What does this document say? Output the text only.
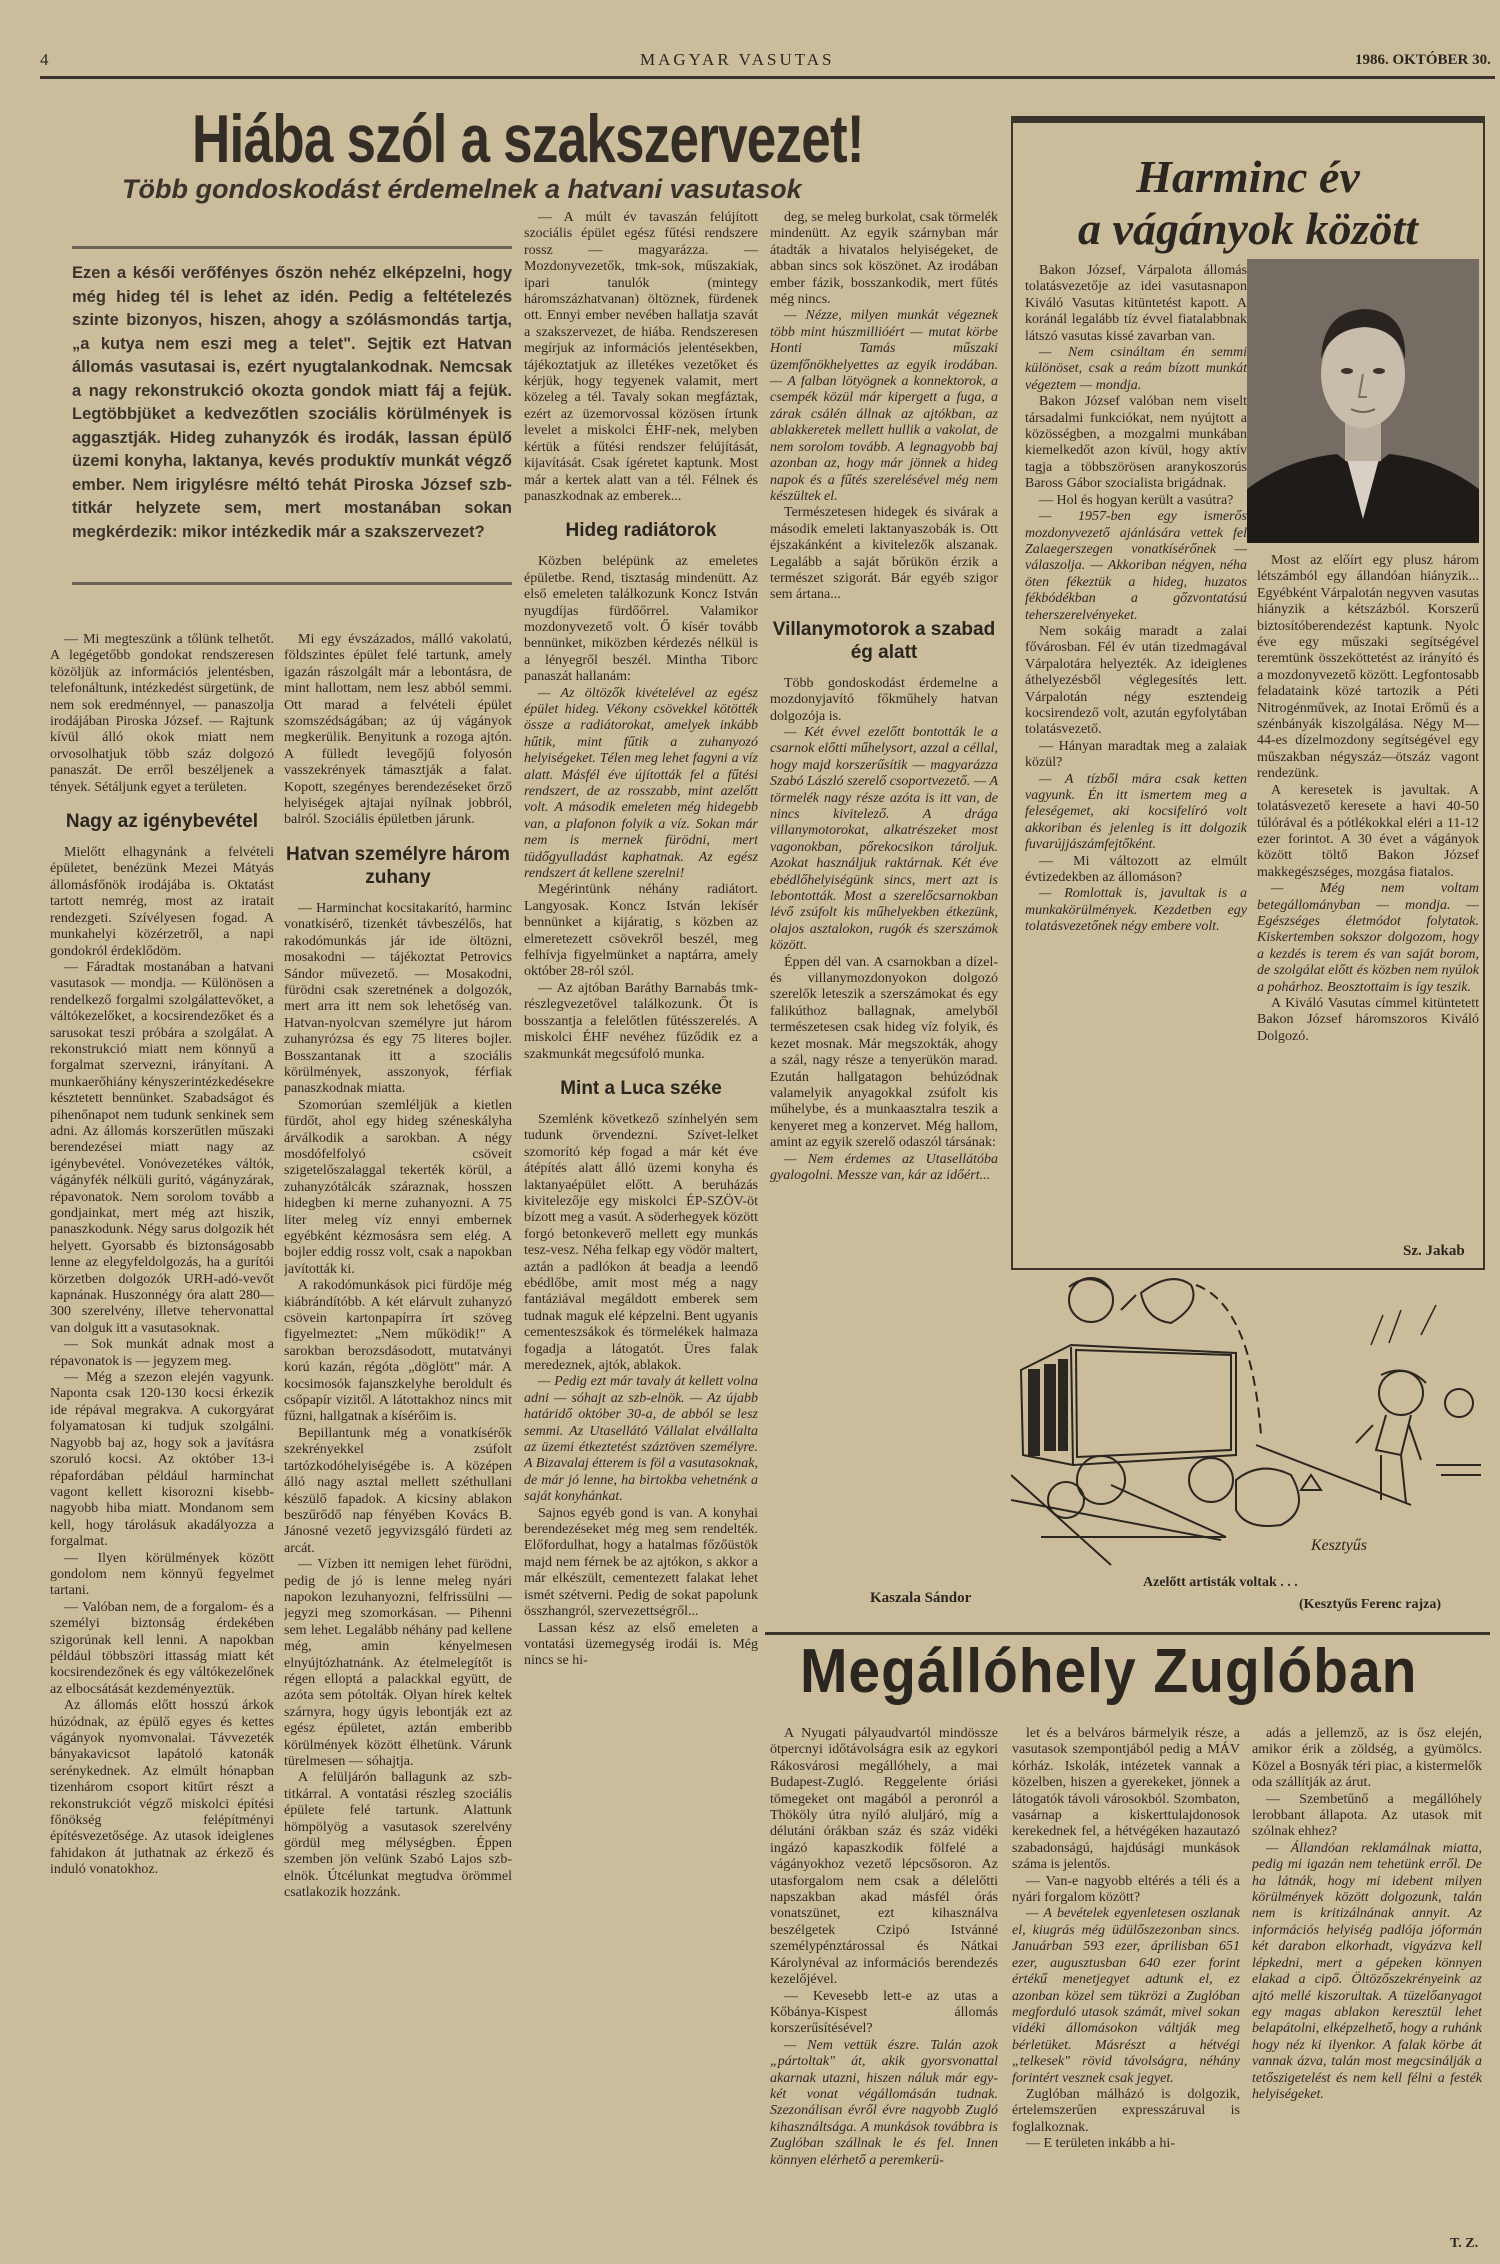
4	MAGYAR VASUTAS	1986. OKTÓBER 30.
Hiába szól a szakszervezet!
Több gondoskodást érdemelnek a hatvani vasutasok
Ezen a késői verőfényes őszön nehéz elképzelni, hogy még hideg tél is lehet az idén. Pedig a feltételezés szinte bizonyos, hiszen, ahogy a szólásmondás tartja, „a kutya nem eszi meg a telet". Sejtik ezt Hatvan állomás vasutasai is, ezért nyugtalankodnak. Nemcsak a nagy rekonstrukció okozta gondok miatt fáj a fejük. Legtöbbjüket a kedvezőtlen szociális körülmények is aggasztják. Hideg zuhanyzók és irodák, lassan épülő üzemi konyha, laktanya, kevés produktív munkát végző ember. Nem irigylésre méltó tehát Piroska József szb-titkár helyzete sem, mert mostanában sokan megkérdezik: mikor intézkedik már a szakszervezet?

— Mi megteszünk a tőlünk telhetőt. A legégetőbb gondokat rendszeresen közöljük az információs jelentésben, telefonáltunk, intézkedést sürgetünk, de nem sok eredménnyel, — panaszolja irodájában Piroska József. — Rajtunk kívül álló okok miatt nem orvosolhatjuk több száz dolgozó panaszát. De erről beszéljenek a tények. Sétáljunk egyet a területen.

Nagy az igénybevétel

Mielőtt elhagynánk a felvételi épületet, benézünk Mezei Mátyás állomásfőnök irodájába is. Oktatást tartott nemrég, most az iratait rendezgeti. Szívélyesen fogad. A munkahelyi közérzetről, a napi gondokról érdeklődöm.

— Fáradtak mostanában a hatvani vasutasok — mondja. — Különösen a rendelkező forgalmi szolgálattevőket, a váltókezelőket, a kocsirendezőket és a sarusokat teszi próbára a szolgálat. A rekonstrukció miatt nem könnyű a forgalmat szervezni, irányítani. A munkaerőhiány kényszerintézkedésekre késztetett bennünket. Szabadságot és pihenőnapot nem tudunk senkinek sem adni. Az állomás korszerűtlen műszaki berendezései miatt nagy az igénybevétel. Vonóvezetékes váltók, vágányfék nélküli gurító, vágányzárak, répavonatok. Nem sorolom tovább a gondjainkat, mert még azt hiszik, panaszkodunk. Négy sarus dolgozik hét helyett. Gyorsabb és biztonságosabb lenne az elegyfeldolgozás, ha a gurítói körzetben dolgozók URH-adó-vevőt kapnának. Huszonnégy óra alatt 280—300 szerelvény, illetve tehervonattal van dolguk itt a vasutasoknak.

— Sok munkát adnak most a répavonatok is — jegyzem meg.

— Még a szezon elején vagyunk. Naponta csak 120-130 kocsi érkezik ide répával megrakva. A cukorgyárat folyamatosan ki tudjuk szolgálni. Nagyobb baj az, hogy sok a javításra szoruló kocsi. Az október 13-i répafordában például harminchat vagont kellett kisorozni kisebb-nagyobb hiba miatt. Mondanom sem kell, hogy tárolásuk akadályozza a forgalmat.

— Ilyen körülmények között gondolom nem könnyű fegyelmet tartani.

— Valóban nem, de a forgalom- és a személyi biztonság érdekében szigorúnak kell lenni. A napokban például többszöri ittasság miatt két kocsirendezőnek és egy váltókezelőnek az elbocsátását kezdeményeztük.

Az állomás előtt hosszú árkok húzódnak, az épülő egyes és kettes vágányok nyomvonalai. Távvezeték bányakavicsot lapátoló katonák serénykednek. Az elmúlt hónapban tizenhárom csoport kitűrt részt a rekonstrukciót végző miskolci építési főnökség felépítményi építésvezetősége. Az utasok ideiglenes fahidakon át juthatnak az érkező és induló vonatokhoz.

Mi egy évszázados, málló vakolatú, földszintes épület felé tartunk, amely igazán rászolgált már a lebontásra, de mint hallottam, nem lesz abból semmi. Ott marad a felvételi épület szomszédságában; az új vágányok megkerülik. Benyitunk a rozoga ajtón. A fülledt levegőjű folyosón vasszekrények támasztják a falat. Kopott, szegényes berendezéseket őrző helyiségek ajtajai nyílnak jobbról, balról. Szociális épületben járunk.

Hatvan személyre három zuhany

— Harminchat kocsitakarító, harminc vonatkísérő, tizenkét távbeszélős, hat rakodómunkás jár ide öltözni, mosakodni — tájékoztat Petrovics Sándor művezető. — Mosakodni, fürödni csak szeretnének a dolgozók, mert arra itt nem sok lehetőség van. Hatvan-nyolcvan személyre jut három zuhanyrózsa és egy 75 literes bojler. Bosszantanak itt a szociális körülmények, asszonyok, férfiak panaszkodnak miatta.

Szomorúan szemléljük a kietlen fürdőt, ahol egy hideg széneskályha árválkodik a sarokban. A négy mosdófelfolyó csöveit szigetelőszalaggal tekerték körül, a zuhanyzótálcák száraznak, hosszen hidegben ki merne zuhanyozni. A 75 liter meleg víz ennyi embernek egyébként kézmosásra sem elég. A bojler eddig rossz volt, csak a napokban javították ki.

A rakodómunkások pici fürdője még kiábrándítóbb. A két elárvult zuhanyzó csövein kartonpapírra írt szöveg figyelmeztet: „Nem működik!" A sarokban berozsdásodott, mutatványi korú kazán, régóta „döglött" már. A kocsimosók fajanszkelyhe beroldult és csőpapír vizitől. A látottakhoz nincs mit fűzni, hallgatnak a kísérőim is.

Bepillantunk még a vonatkísérők szekrényekkel zsúfolt tartózkodóhelyiségébe is. A középen álló nagy asztal mellett széthullani készülő fapadok. A kicsiny ablakon beszűrődő nap fényében Kovács B. Jánosné vezető jegyvizsgáló fürdeti az arcát.

— Vízben itt nemigen lehet fürödni, pedig de jó is lenne meleg nyári napokon lezuhanyozni, felfrissülni — jegyzi meg szomorkásan. — Pihenni sem lehet. Legalább néhány pad kellene még, amin kényelmesen elnyújtózhatnánk. Az ételmelegítőt is régen elloptá a palackkal együtt, de azóta sem pótolták. Olyan hírek keltek szárnyra, hogy úgyis lebontják ezt az egész épületet, aztán emberibb körülmények között élhetünk. Várunk türelmesen — sóhajtja.

A felüljárón ballagunk az szb-titkárral. A vontatási részleg szociális épülete felé tartunk. Alattunk hömpölyög a vasutasok szerelvény gördül meg mélységben. Éppen szemben jön velünk Szabó Lajos szb-elnök. Útcélunkat megtudva örömmel csatlakozik hozzánk.

— A múlt év tavaszán felújított szociális épület egész fűtési rendszere rossz — magyarázza. — Mozdonyvezetők, tmk-sok, műszakiak, ipari tanulók (mintegy háromszázhatvanan) öltöznek, fürdenek ott. Ennyi ember nevében hallatja szavát a szakszervezet, de hiába. Rendszeresen megírjuk az információs jelentésekben, tájékoztatjuk az illetékes vezetőket és kérjük, hogy tegyenek valamit, mert közeleg a tél. Tavaly sokan megfáztak, ezért az üzemorvossal közösen írtunk levelet a miskolci ÉHF-nek, melyben kértük a fűtési rendszer felújítását, kijavítását. Csak ígéretet kaptunk. Most már a kertek alatt van a tél. Félnek és panaszkodnak az emberek...

Hideg radiátorok

Közben belépünk az emeletes épületbe. Rend, tisztaság mindenütt. Az első emeleten találkozunk Koncz István nyugdíjas fürdőőrrel. Valamikor mozdonyvezető volt. Ő kísér tovább bennünket, miközben kérdezés nélkül is a lényegről beszél. Mintha Tiborc panaszát hallanám:

— Az öltözők kivételével az egész épület hideg. Vékony csövekkel kötötték össze a radiátorokat, amelyek inkább hűtik, mint fűtik a zuhanyozó helyiségeket. Télen meg lehet fagyni a víz alatt. Másfél éve újították fel a fűtési rendszert, de az rosszabb, mint azelőtt volt. A második emeleten még hidegebb van, a plafonon folyik a víz. Sokan már nem is mernek fürödni, mert tüdőgyulladást kaphatnak. Az egész rendszert át kellene szerelni!

Megérintünk néhány radiátort. Langyosak. Koncz István lekísér bennünket a kijáratig, s közben az elmeretezett csövekről beszél, meg felhívja figyelmünket a naptárra, amely október 28-ról szól.

— Az ajtóban Baráthy Barnabás tmk-részlegvezetővel találkozunk. Őt is bosszantja a felelőtlen fűtésszerelés. A miskolci ÉHF nevéhez fűződik ez a szakmunkát megcsúfoló munka.

Mint a Luca széke

Szemlénk következő színhelyén sem tudunk örvendezni. Szívet-lelket szomorító kép fogad a már két éve átépítés alatt álló üzemi konyha és laktanyaépület előtt. A beruházás kivitelezője egy miskolci ÉP-SZÖV-öt bízott meg a vasút. A söderhegyek között forgó betonkeverő mellett egy munkás tesz-vesz. Néha felkap egy vödör maltert, aztán a padlókon át beadja a leendő ebédlőbe, amit most még a nagy fantáziával megáldott emberek sem tudnak maguk elé képzelni. Bent ugyanis cementeszsákok és törmelékek halmaza fogadja a látogatót. Üres falak meredeznek, ajtók, ablakok.

— Pedig ezt már tavaly át kellett volna adni — sóhajt az szb-elnök. — Az újabb határidő október 30-a, de abból se lesz semmi. Az Utasellátó Vállalat elvállalta az üzemi étkeztetést száztöven személyre. A Bizavalaj étterem is föl a vasutasoknak, de már jó lenne, ha birtokba vehetnénk a saját konyhánkat.

Sajnos egyéb gond is van. A konyhai berendezéseket még meg sem rendelték. Előfordulhat, hogy a hatalmas főzőüstök majd nem férnek be az ajtókon, s akkor a már elkészült, cementezett falakat lehet ismét szétverni. Pedig de sokat papolunk összhangról, szervezettségről...

Lassan kész az első emeleten a vontatási üzemegység irodái is. Még nincs se hi-

deg, se meleg burkolat, csak törmelék mindenütt. Az egyik szárnyban már átadták a hivatalos helyiségeket, de abban sincs sok köszönet. Az irodában ember fázik, bosszankodik, mert fűtés még nincs.

— Nézze, milyen munkát végeznek több mint húszmillióért — mutat körbe Honti Tamás műszaki üzemfőnökhelyettes az egyik irodában. — A falban lötyögnek a konnektorok, a csempék közül már kipergett a fuga, a zárak csálén állnak az ajtókban, az ablakkeretek mellett hullik a vakolat, de nem sorolom tovább. A legnagyobb baj azonban az, hogy már jönnek a hideg napok és a fűtés szerelésével még nem készültek el.

Természetesen hidegek és sivárak a második emeleti laktanyaszobák is. Ott éjszakánként a kivitelezők alszanak. Legalább a saját bőrükön érzik a természet szigorát. Bár egyéb szigor sem ártana...

Villanymotorok a szabad ég alatt

Több gondoskodást érdemelne a mozdonyjavító főkműhely hatvan dolgozója is.

— Két évvel ezelőtt bontották le a csarnok előtti műhelysort, azzal a céllal, hogy majd korszerűsítik — magyarázza Szabó László szerelő csoportvezető. — A törmelék nagy része azóta is itt van, de nincs kivitelező. A drága villanymotorokat, alkatrészeket most vagonokban, pőrekocsikon tároljuk. Azokat használjuk raktárnak. Két éve ebédlőhelyiségünk sincs, mert azt is lebontották. Most a szerelőcsarnokban lévő zsúfolt kis műhelyekben étkezünk, olajos asztalokon, rugók és szerszámok között.

Éppen dél van. A csarnokban a dízel- és villanymozdonyokon dolgozó szerelők leteszik a szerszámokat és egy falikúthoz ballagnak, amelyből természetesen csak hideg víz folyik, és kezet mosnak. Már megszokták, ahogy a szál, nagy része a tenyerükön marad. Ezután hallgatagon behúzódnak valamelyik anyagokkal zsúfolt kis műhelybe, és a munkaasztalra teszik a kenyeret meg a konzervet. Még hallom, amint az egyik szerelő odaszól társának:

— Nem érdemes az Utasellátóba gyalogolni. Messze van, kár az időért...

Kaszala Sándor
Harminc év
a vágányok között

Bakon József, Várpalota állomás tolatásvezetője az idei vasutasnapon Kiváló Vasutas kitüntetést kapott. A koránál legalább tíz évvel fiatalabbnak látszó vasutas kissé zavarban van.

— Nem csináltam én semmi különöset, csak a reám bízott munkát végeztem — mondja.

Bakon József valóban nem viselt társadalmi funkciókat, nem nyújtott a közösségben, a mozgalmi munkában kiemelkedőt azon kívül, hogy aktív tagja a többszörösen aranykoszorús Baross Gábor szocialista brigádnak.

— Hol és hogyan került a vasútra?

— 1957-ben egy ismerős mozdonyvezető ajánlására vettek fel Zalaegerszegen vonatkísérőnek — válaszolja. — Akkoriban négyen, néha öten fékeztük a hideg, huzatos fékbódékban a gőzvontatású teherszerelvényeket.

Nem sokáig maradt a zalai fővárosban. Fél év után tizedmagával Várpalotára helyezték. Az ideiglenes áthelyezésből véglegesítés lett. Várpalotán négy esztendeig kocsirendező volt, azután egyfolytában tolatásvezető.

— Hányan maradtak meg a zalaiak közül?

— A tízből mára csak ketten vagyunk. Én itt ismertem meg a feleségemet, aki kocsifelíró volt akkoriban és jelenleg is itt dolgozik fuvarújjászámfejtőként.

— Mi változott az elmúlt évtizedekben az állomáson?

— Romlottak is, javultak is a munkakörülmények. Kezdetben egy tolatásvezetőnek négy embere volt.

Most az előírt egy plusz három létszámból egy állandóan hiányzik... Egyébként Várpalotán negyven vasutas hiányzik a kétszázból. Korszerű biztosítóberendezést kaptunk. Nyolc éve egy műszaki segítségével teremtünk összeköttetést az irányító és a mozdonyvezető között. Legfontosabb feladataink közé tartozik a Péti Nitrogénművek, az Inotai Erőmű és a szénbányák kiszolgálása. Négy M—44-es dízelmozdony segítségével egy műszakban négyszáz—ötszáz vagont rendezünk.

A keresetek is javultak. A tolatásvezető keresete a havi 40-50 túlórával és a pótlékokkal eléri a 11-12 ezer forintot. A 30 évet a vágányok között töltő Bakon József makkegészséges, mozgása fiatalos.

— Még nem voltam betegállományban — mondja. — Egészséges életmódot folytatok. Kiskertemben sokszor dolgozom, hogy a kezdés is terem és van saját borom, de szolgálat előtt és közben nem nyúlok a pohárhoz. Beosztottaim is így teszik.

A Kiváló Vasutas címmel kitüntetett Bakon József háromszoros Kiváló Dolgozó.

Sz. Jakab
Kesztyűs
Azelőtt artisták voltak . . .
(Kesztyűs Ferenc rajza)
Megállóhely Zuglóban

A Nyugati pályaudvartól mindössze ötpercnyi időtávolságra esik az egykori Rákosvárosi megállóhely, a mai Budapest-Zugló. Reggelente óriási tömegeket ont magából a peronról a Thököly útra nyíló aluljáró, míg a délutáni órákban száz és száz vidéki ingázó kapaszkodik fölfelé a vágányokhoz vezető lépcsősoron. Az utasforgalom nem csak a délelőtti napszakban akad másfél órás vonatszünet, ezt kihasználva beszélgetek Czipó Istvánné személypénztárossal és Nátkai Károlynéval az információs berendezés kezelőjével.

— Kevesebb lett-e az utas a Kőbánya-Kispest állomás korszerűsítésével?

— Nem vettük észre. Talán azok „pártoltak" át, akik gyorsvonattal akarnak utazni, hiszen náluk már egy-két vonat végállomásán tudnak. Szezonálisan évről évre nagyobb Zugló kihasználtsága. A munkások továbbra is Zuglóban szállnak le és fel. Innen könnyen elérhető a peremkerü-

let és a belváros bármelyik része, a vasutasok szempontjából pedig a MÁV kórház. Iskolák, intézetek vannak a közelben, hiszen a gyerekeket, jönnek a látogatók távoli városokból. Szombaton, vasárnap a kiskerttulajdonosok kerekednek fel, a hétvégéken hazautazó szabadonságú, hajdúsági munkások száma is jelentős.

— Van-e nagyobb eltérés a téli és a nyári forgalom között?

— A bevételek egyenletesen oszlanak el, kiugrás még üdülőszezonban sincs. Januárban 593 ezer, áprilisban 651 ezer, augusztusban 640 ezer forint értékű menetjegyet adtunk el, ez azonban közel sem tükrözi a Zuglóban megforduló utasok számát, mivel sokan vidéki állomásokon váltják meg bérletüket. Másrészt a hétvégi „telkesek" rövid távolságra, néhány forintért vesznek csak jegyet.

Zuglóban málházó is dolgozik, értelemszerűen expresszáruval is foglalkoznak.

— E területen inkább a hi-

adás a jellemző, az is ősz elején, amikor érik a zöldség, a gyümölcs. Közel a Bosnyák téri piac, a kistermelők oda szállítják az árut.

— Szembetűnő a megállóhely lerobbant állapota. Az utasok mit szólnak ehhez?

— Állandóan reklamálnak miatta, pedig mi igazán nem tehetünk erről. De ha látnák, hogy mi idebent milyen körülmények között dolgozunk, talán nem is kritizálnának annyit. Az információs helyiség padlója jóformán két darabon elkorhadt, vigyázva kell lépkedni, mert a gépeken könnyen elakad a cipő. Öltözőszekrényeink az ajtó mellé kiszorultak. A tüzelőanyagot egy magas ablakon keresztül lehet belapátolni, elképzelhető, hogy a ruhánk hogy néz ki ilyenkor. A falak körbe át vannak ázva, talán most megcsinálják a tetőszigetelést és nem kell félni a festék helyiségeket.

T. Z.
